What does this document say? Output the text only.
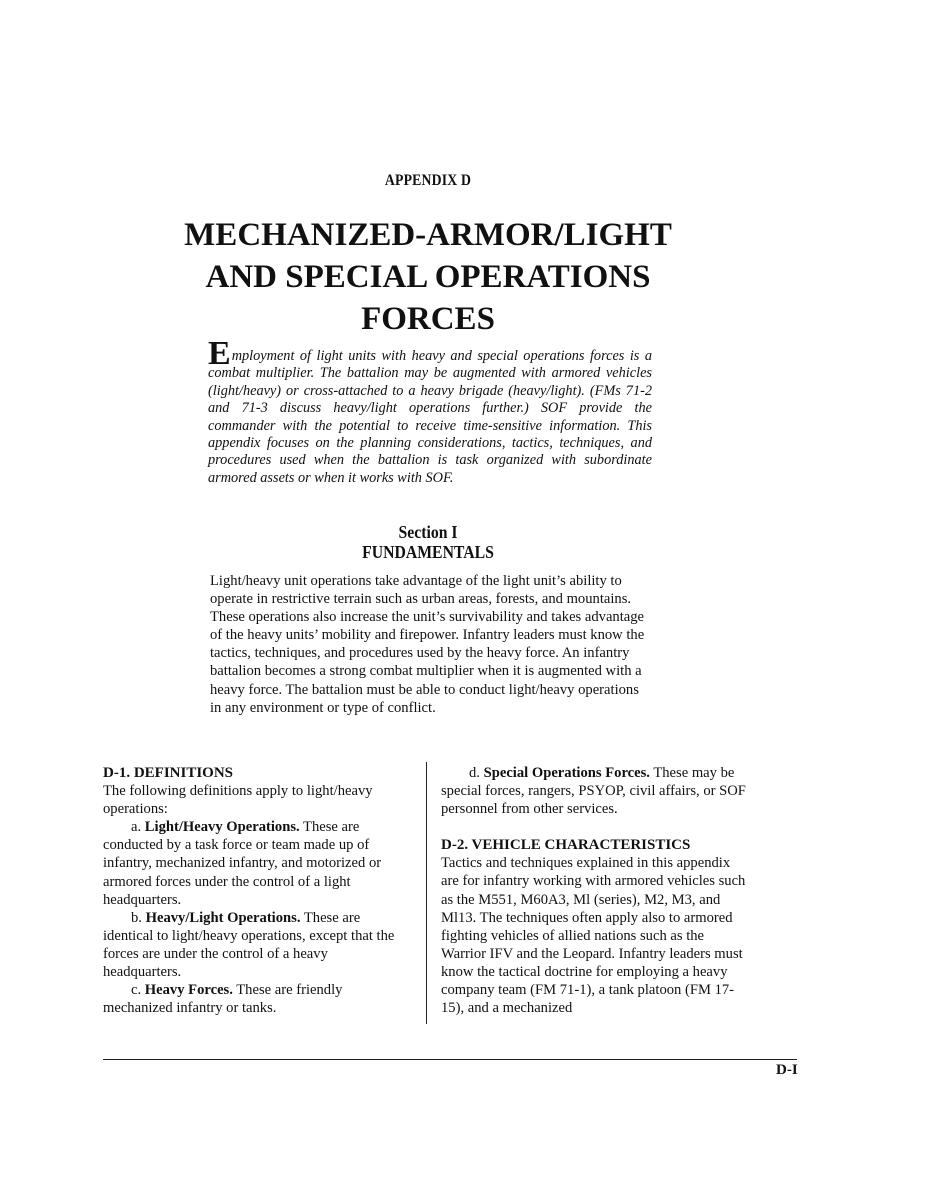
APPENDIX D
MECHANIZED-ARMOR/LIGHT
AND SPECIAL OPERATIONS
FORCES

Employment of light units with heavy and special operations forces is a combat multiplier. The battalion may be augmented with armored vehicles (light/heavy) or cross-attached to a heavy brigade (heavy/light). (FMs 71-2 and 71-3 discuss heavy/light operations further.) SOF provide the commander with the potential to receive time-sensitive information. This appendix focuses on the planning considerations, tactics, techniques, and procedures used when the battalion is task organized with subordinate armored assets or when it works with SOF.

Section I
FUNDAMENTALS

Light/heavy unit operations take advantage of the light unit’s ability to operate in restrictive terrain such as urban areas, forests, and mountains. These operations also increase the unit’s survivability and takes advantage of the heavy units’ mobility and firepower. Infantry leaders must know the tactics, techniques, and procedures used by the heavy force. An infantry battalion becomes a strong combat multiplier when it is augmented with a heavy force. The battalion must be able to conduct light/heavy operations in any environment or type of conflict.

D-1. DEFINITIONS

The following definitions apply to light/heavy operations:

a. Light/Heavy Operations. These are conducted by a task force or team made up of infantry, mechanized infantry, and motorized or armored forces under the control of a light headquarters.

b. Heavy/Light Operations. These are identical to light/heavy operations, except that the forces are under the control of a heavy headquarters.

c. Heavy Forces. These are friendly mechanized infantry or tanks.

d. Special Operations Forces. These may be special forces, rangers, PSYOP, civil affairs, or SOF personnel from other services.

D-2. VEHICLE CHARACTERISTICS

Tactics and techniques explained in this appendix are for infantry working with armored vehicles such as the M551, M60A3, Ml (series), M2, M3, and Ml13. The techniques often apply also to armored fighting vehicles of allied nations such as the Warrior IFV and the Leopard. Infantry leaders must know the tactical doctrine for employing a heavy company team (FM 71-1), a tank platoon (FM 17-15), and a mechanized

D-I
